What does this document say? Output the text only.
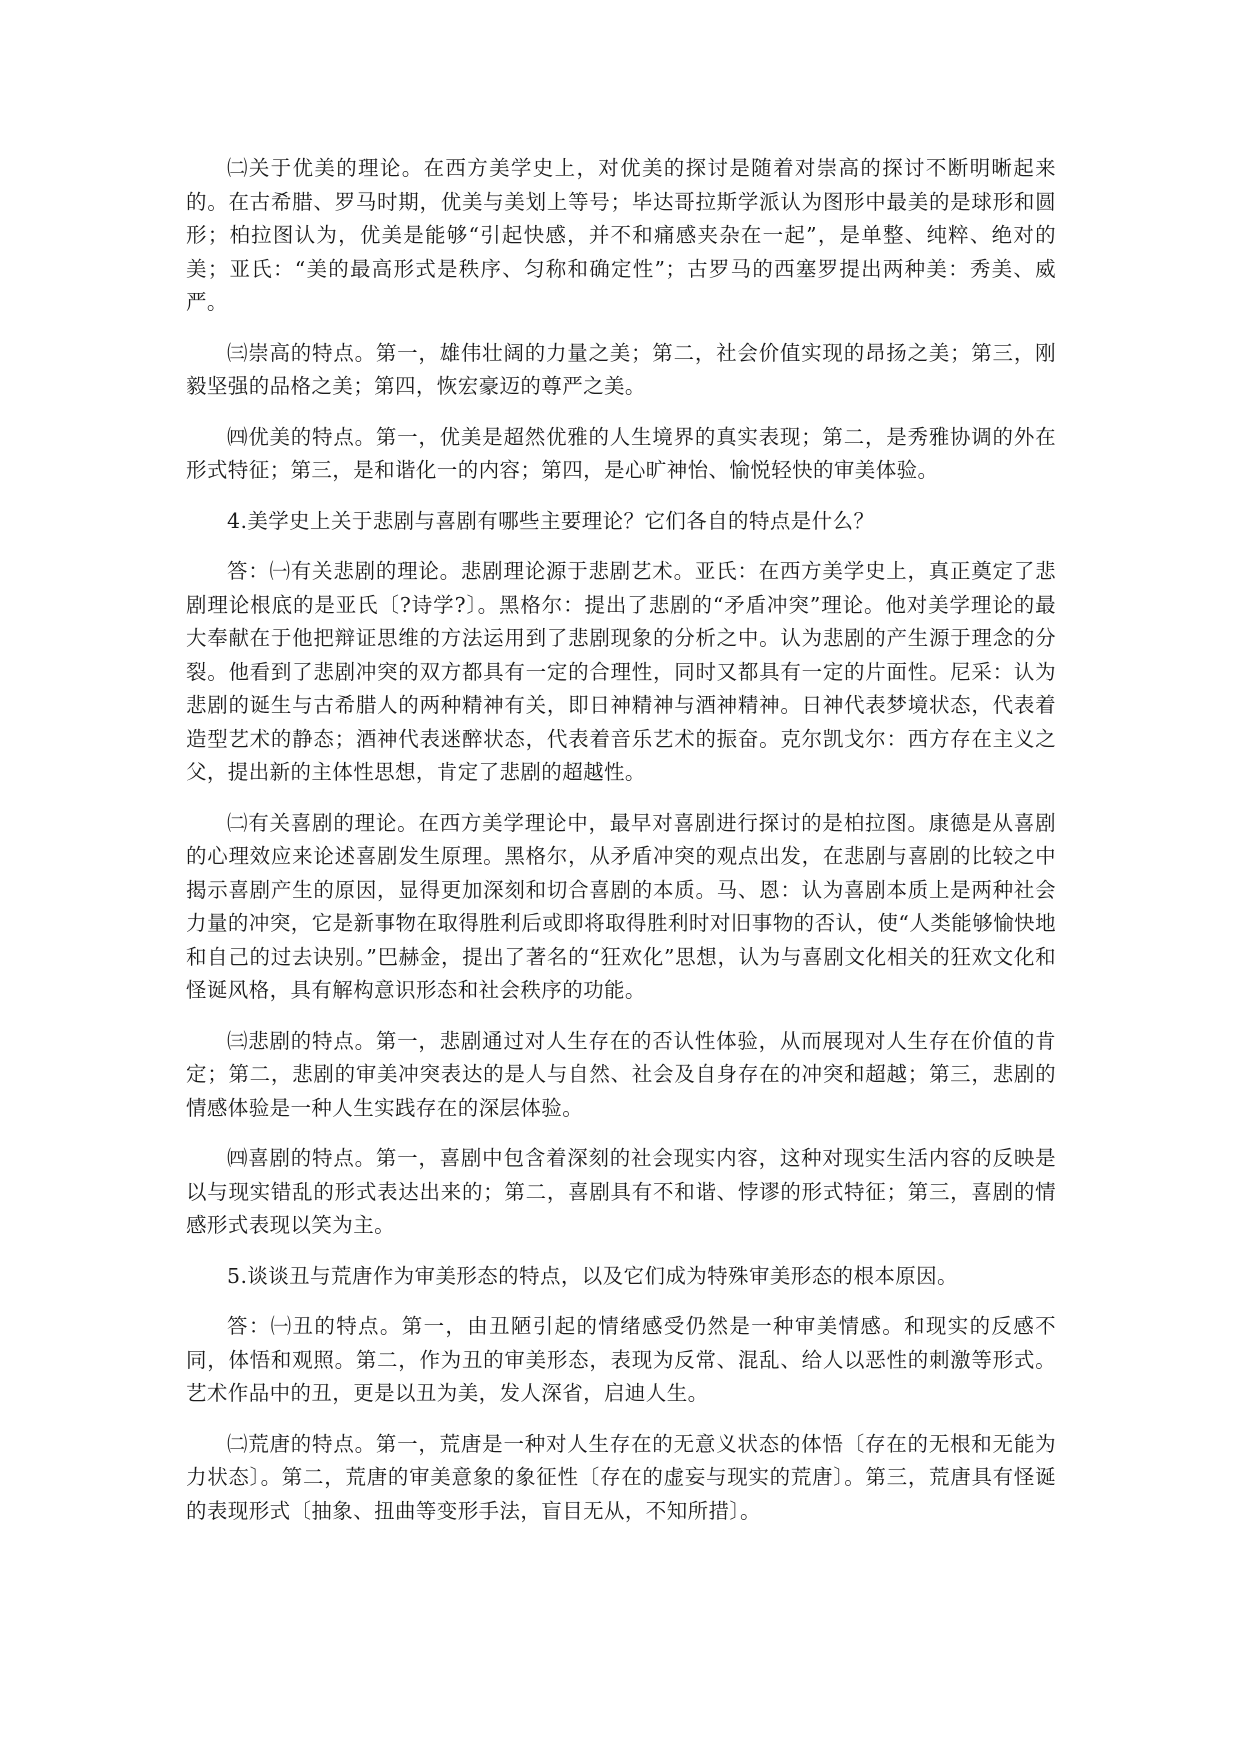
㈡关于优美的理论。在西方美学史上，对优美的探讨是随着对崇高的探讨不断明晰起来的。在古希腊、罗马时期，优美与美划上等号；毕达哥拉斯学派认为图形中最美的是球形和圆形；柏拉图认为，优美是能够“引起快感，并不和痛感夹杂在一起”，是单整、纯粹、绝对的美；亚氏：“美的最高形式是秩序、匀称和确定性”；古罗马的西塞罗提出两种美：秀美、威严。

㈢崇高的特点。第一，雄伟壮阔的力量之美；第二，社会价值实现的昂扬之美；第三，刚毅坚强的品格之美；第四，恢宏豪迈的尊严之美。

㈣优美的特点。第一，优美是超然优雅的人生境界的真实表现；第二，是秀雅协调的外在形式特征；第三，是和谐化一的内容；第四，是心旷神怡、愉悦轻快的审美体验。

4.美学史上关于悲剧与喜剧有哪些主要理论？它们各自的特点是什么？

答：㈠有关悲剧的理论。悲剧理论源于悲剧艺术。亚氏：在西方美学史上，真正奠定了悲剧理论根底的是亚氏〔?诗学?〕。黑格尔：提出了悲剧的“矛盾冲突”理论。他对美学理论的最大奉献在于他把辩证思维的方法运用到了悲剧现象的分析之中。认为悲剧的产生源于理念的分裂。他看到了悲剧冲突的双方都具有一定的合理性，同时又都具有一定的片面性。尼采：认为悲剧的诞生与古希腊人的两种精神有关，即日神精神与酒神精神。日神代表梦境状态，代表着造型艺术的静态；酒神代表迷醉状态，代表着音乐艺术的振奋。克尔凯戈尔：西方存在主义之父，提出新的主体性思想，肯定了悲剧的超越性。

㈡有关喜剧的理论。在西方美学理论中，最早对喜剧进行探讨的是柏拉图。康德是从喜剧的心理效应来论述喜剧发生原理。黑格尔，从矛盾冲突的观点出发，在悲剧与喜剧的比较之中揭示喜剧产生的原因，显得更加深刻和切合喜剧的本质。马、恩：认为喜剧本质上是两种社会力量的冲突，它是新事物在取得胜利后或即将取得胜利时对旧事物的否认，使“人类能够愉快地和自己的过去诀别。”巴赫金，提出了著名的“狂欢化”思想，认为与喜剧文化相关的狂欢文化和怪诞风格，具有解构意识形态和社会秩序的功能。

㈢悲剧的特点。第一，悲剧通过对人生存在的否认性体验，从而展现对人生存在价值的肯定；第二，悲剧的审美冲突表达的是人与自然、社会及自身存在的冲突和超越；第三，悲剧的情感体验是一种人生实践存在的深层体验。

㈣喜剧的特点。第一，喜剧中包含着深刻的社会现实内容，这种对现实生活内容的反映是以与现实错乱的形式表达出来的；第二，喜剧具有不和谐、悖谬的形式特征；第三，喜剧的情感形式表现以笑为主。

5.谈谈丑与荒唐作为审美形态的特点，以及它们成为特殊审美形态的根本原因。

答：㈠丑的特点。第一，由丑陋引起的情绪感受仍然是一种审美情感。和现实的反感不同，体悟和观照。第二，作为丑的审美形态，表现为反常、混乱、给人以恶性的刺激等形式。艺术作品中的丑，更是以丑为美，发人深省，启迪人生。

㈡荒唐的特点。第一，荒唐是一种对人生存在的无意义状态的体悟〔存在的无根和无能为力状态〕。第二，荒唐的审美意象的象征性〔存在的虚妄与现实的荒唐〕。第三，荒唐具有怪诞的表现形式〔抽象、扭曲等变形手法，盲目无从，不知所措〕。
